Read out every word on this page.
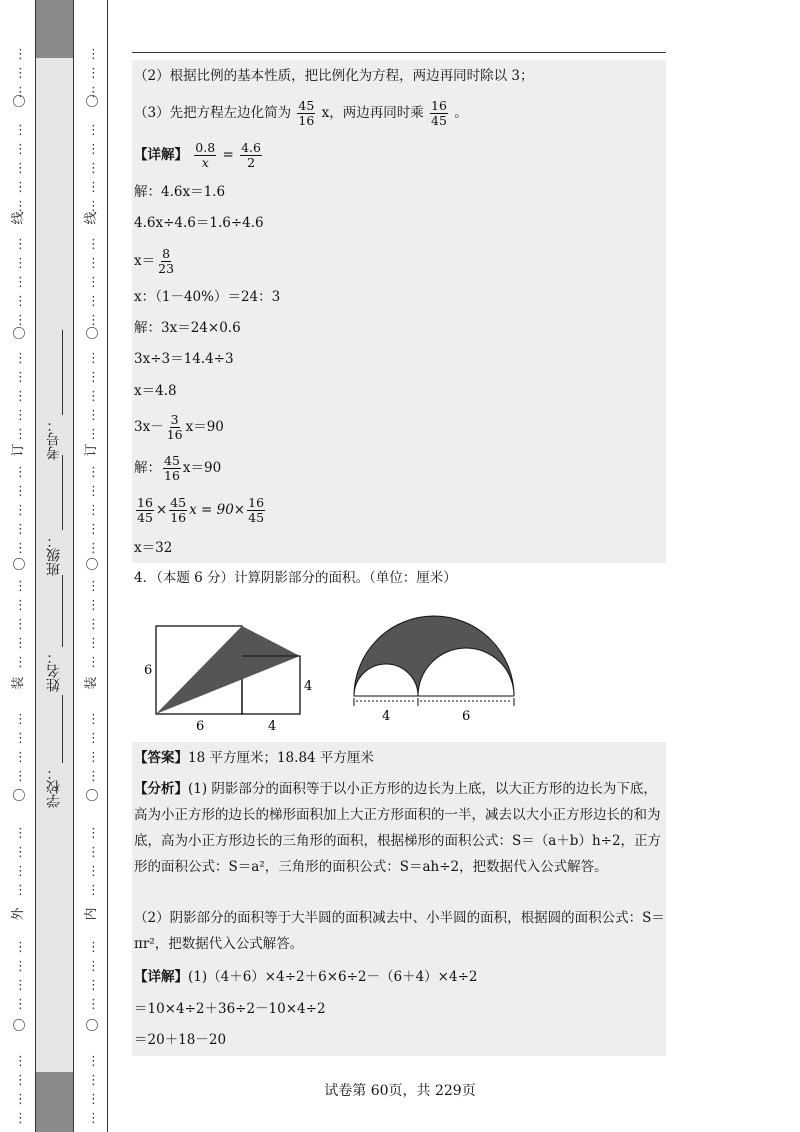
考号：
班级：
姓名：
学校：
⋮
⋮
⋮
⋮
⋮
⋮
⋮
⋮
⋮
⋮
⋮
⋮
⋮
⋮
⋮
⋮
⋮
⋮
⋮
⋮
⋮
⋮
⋮
⋮
⋮
⋮
⋮
⋮
⋮
⋮
⋮
⋮
⋮
⋮
⋮
⋮
⋮
⋮
⋮
⋮
⋮
⋮
⋮
⋮
〇
线
〇
订
〇
装
〇
外
〇
⋮
⋮
⋮
⋮
⋮
⋮
⋮
⋮
⋮
⋮
⋮
⋮
⋮
⋮
⋮
⋮
⋮
⋮
⋮
⋮
⋮
⋮
⋮
⋮
⋮
⋮
⋮
⋮
⋮
⋮
⋮
⋮
⋮
⋮
⋮
⋮
⋮
⋮
⋮
⋮
⋮
⋮
⋮
⋮
〇
线
〇
订
〇
装
〇
内
〇
（2）根据比例的基本性质，把比例化为方程，两边再同时除以 3；
（3）先把方程左边化简为 $\frac{45}{16}$ x，两边再同时乘 $\frac{16}{45}$ 。
【详解】 $\frac{0.8}{x} = \frac{4.6}{2}$
解：4.6x＝1.6
4.6x÷4.6＝1.6÷4.6
$x= \frac{8}{23}$
x：（1－40%）＝24：3
解：3x＝24×0.6
3x÷3＝14.4÷3
x＝4.8
$3x- \frac{3}{16} x=90$
解： $\frac{45}{16} x=90$
$\frac{16}{45} \times \frac{45}{16}$ $x = 90\times \frac{16}{45}$
x＝32
4．（本题 6 分）计算阴影部分的面积。（单位：厘米）
6
6	4
4
4	6
【答案】18 平方厘米；18.84 平方厘米
【分析】(1) 阴影部分的面积等于以小正方形的边长为上底，以大正方形的边长为下底，高为小正方形的边长的梯形面积加上大正方形面积的一半，减去以大小正方形边长的和为底，高为小正方形边长的三角形的面积，根据梯形的面积公式：S＝（a＋b）h÷2，正方形的面积公式：S＝a²，三角形的面积公式：S＝ah÷2，把数据代入公式解答。
（2）阴影部分的面积等于大半圆的面积减去中、小半圆的面积，根据圆的面积公式：S＝πr²，把数据代入公式解答。
【详解】(1)（4＋6）×4÷2＋6×6÷2－（6＋4）×4÷2
＝10×4÷2＋36÷2－10×4÷2
＝20＋18－20
试卷第 60页，共 229页
